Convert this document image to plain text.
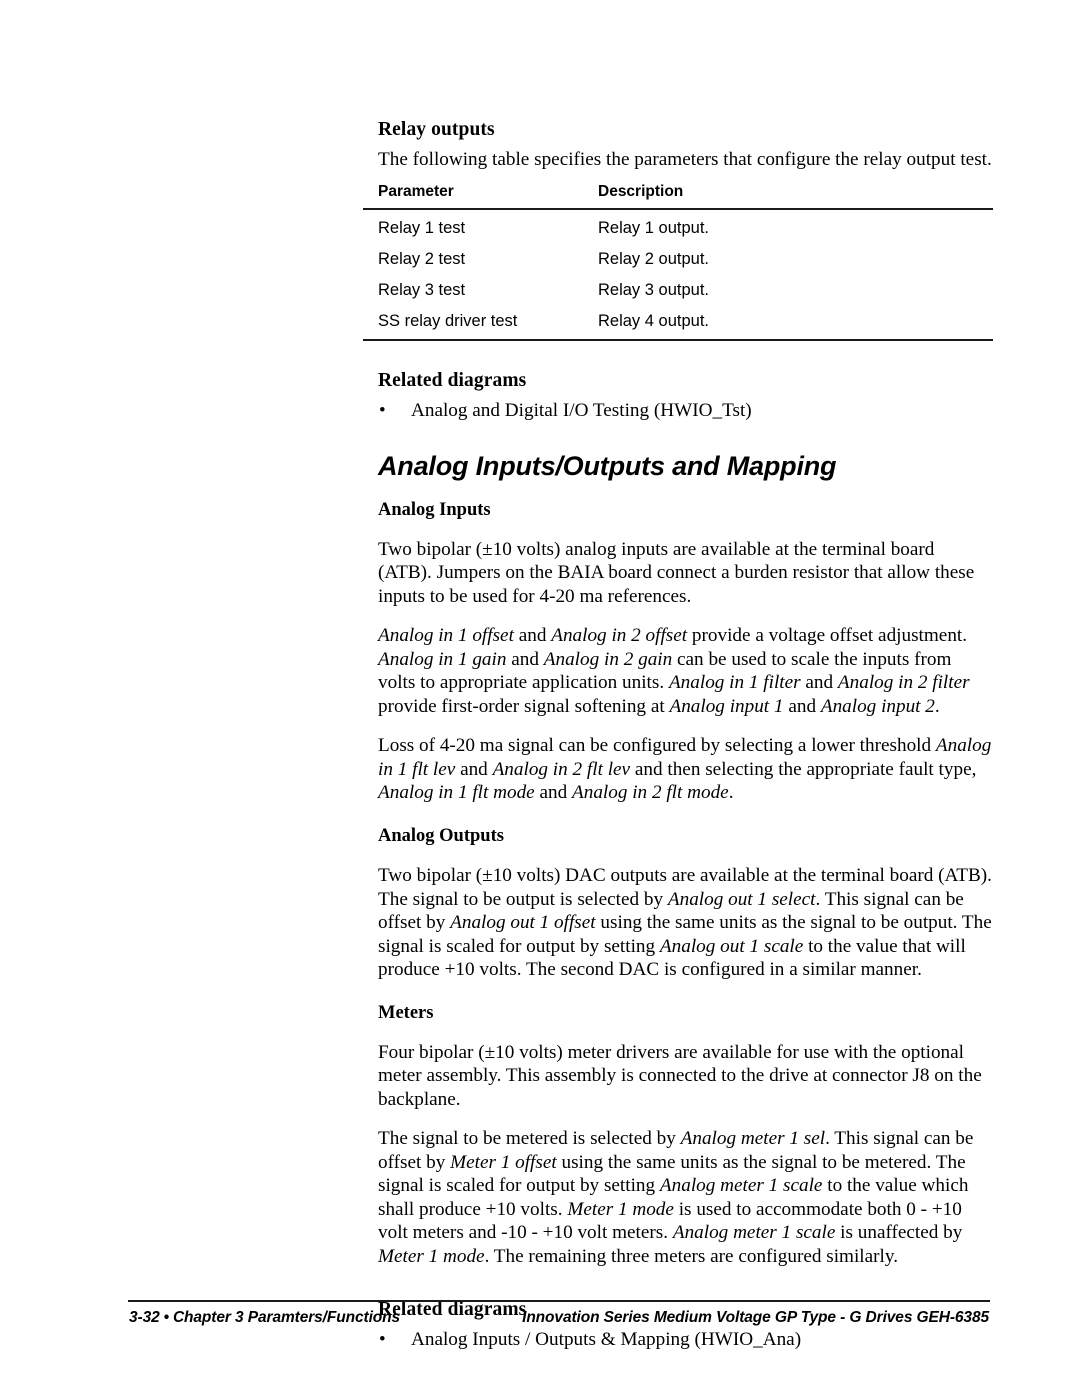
Relay outputs

The following table specifies the parameters that configure the relay output test.

Parameter	Description
Relay 1 test	Relay 1 output.
Relay 2 test	Relay 2 output.
Relay 3 test	Relay 3 output.
SS relay driver test	Relay 4 output.
Related diagrams
• Analog and Digital I/O Testing (HWIO_Tst)
Analog Inputs/Outputs and Mapping
Analog Inputs

Two bipolar (±10 volts) analog inputs are available at the terminal board (ATB). Jumpers on the BAIA board connect a burden resistor that allow these inputs to be used for 4-20 ma references.

Analog in 1 offset and Analog in 2 offset provide a voltage offset adjustment. Analog in 1 gain and Analog in 2 gain can be used to scale the inputs from volts to appropriate application units. Analog in 1 filter and Analog in 2 filter provide first-order signal softening at Analog input 1 and Analog input 2.

Loss of 4-20 ma signal can be configured by selecting a lower threshold Analog in 1 flt lev and Analog in 2 flt lev and then selecting the appropriate fault type, Analog in 1 flt mode and Analog in 2 flt mode.

Analog Outputs

Two bipolar (±10 volts) DAC outputs are available at the terminal board (ATB). The signal to be output is selected by Analog out 1 select. This signal can be offset by Analog out 1 offset using the same units as the signal to be output. The signal is scaled for output by setting Analog out 1 scale to the value that will produce +10 volts. The second DAC is configured in a similar manner.

Meters

Four bipolar (±10 volts) meter drivers are available for use with the optional meter assembly. This assembly is connected to the drive at connector J8 on the backplane.

The signal to be metered is selected by Analog meter 1 sel. This signal can be offset by Meter 1 offset using the same units as the signal to be metered. The signal is scaled for output by setting Analog meter 1 scale to the value which shall produce +10 volts. Meter 1 mode is used to accommodate both 0 - +10 volt meters and -10 - +10 volt meters. Analog meter 1 scale is unaffected by Meter 1 mode. The remaining three meters are configured similarly.

Related diagrams
• Analog Inputs / Outputs & Mapping (HWIO_Ana)
3-32 • Chapter 3 Paramters/Functions	Innovation Series Medium Voltage GP Type - G Drives GEH-6385
